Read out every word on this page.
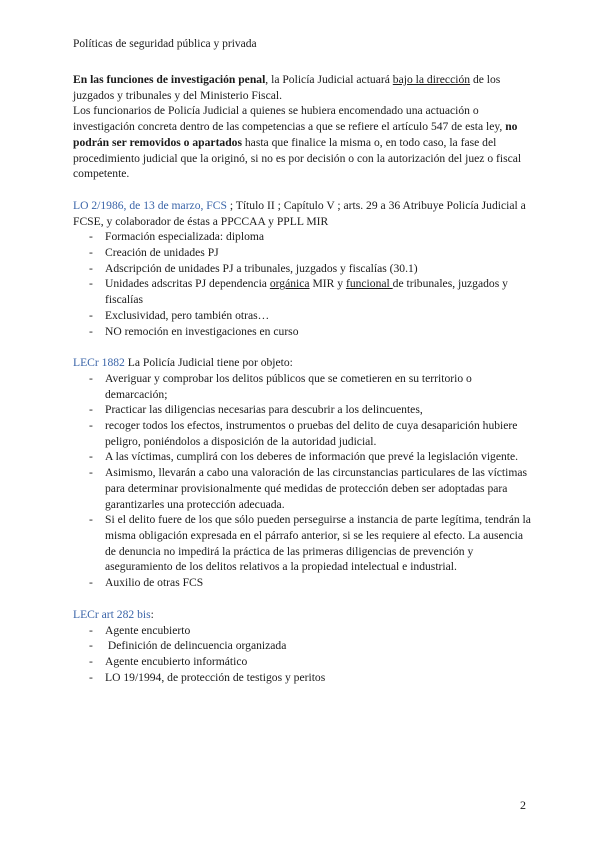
Políticas de seguridad pública y privada

En las funciones de investigación penal, la Policía Judicial actuará bajo la dirección de los juzgados y tribunales y del Ministerio Fiscal.

Los funcionarios de Policía Judicial a quienes se hubiera encomendado una actuación o investigación concreta dentro de las competencias a que se refiere el artículo 547 de esta ley, no podrán ser removidos o apartados hasta que finalice la misma o, en todo caso, la fase del procedimiento judicial que la originó, si no es por decisión o con la autorización del juez o fiscal competente.

LO 2/1986, de 13 de marzo, FCS ; Título II ; Capítulo V ; arts. 29 a 36 Atribuye Policía Judicial a FCSE, y colaborador de éstas a PPCCAA y PPLL MIR

- Formación especializada: diploma
- Creación de unidades PJ
- Adscripción de unidades PJ a tribunales, juzgados y fiscalías (30.1)
- Unidades adscritas PJ dependencia orgánica MIR y funcional de tribunales, juzgados y fiscalías
- Exclusividad, pero también otras…
- NO remoción en investigaciones en curso

LECr 1882 La Policía Judicial tiene por objeto:

- Averiguar y comprobar los delitos públicos que se cometieren en su territorio o demarcación;
- Practicar las diligencias necesarias para descubrir a los delincuentes,
- recoger todos los efectos, instrumentos o pruebas del delito de cuya desaparición hubiere peligro, poniéndolos a disposición de la autoridad judicial.
- A las víctimas, cumplirá con los deberes de información que prevé la legislación vigente.
- Asimismo, llevarán a cabo una valoración de las circunstancias particulares de las víctimas para determinar provisionalmente qué medidas de protección deben ser adoptadas para garantizarles una protección adecuada.
- Si el delito fuere de los que sólo pueden perseguirse a instancia de parte legítima, tendrán la misma obligación expresada en el párrafo anterior, si se les requiere al efecto. La ausencia de denuncia no impedirá la práctica de las primeras diligencias de prevención y aseguramiento de los delitos relativos a la propiedad intelectual e industrial.
- Auxilio de otras FCS

LECr art 282 bis:

- Agente encubierto
- Definición de delincuencia organizada
- Agente encubierto informático
- LO 19/1994, de protección de testigos y peritos
2
